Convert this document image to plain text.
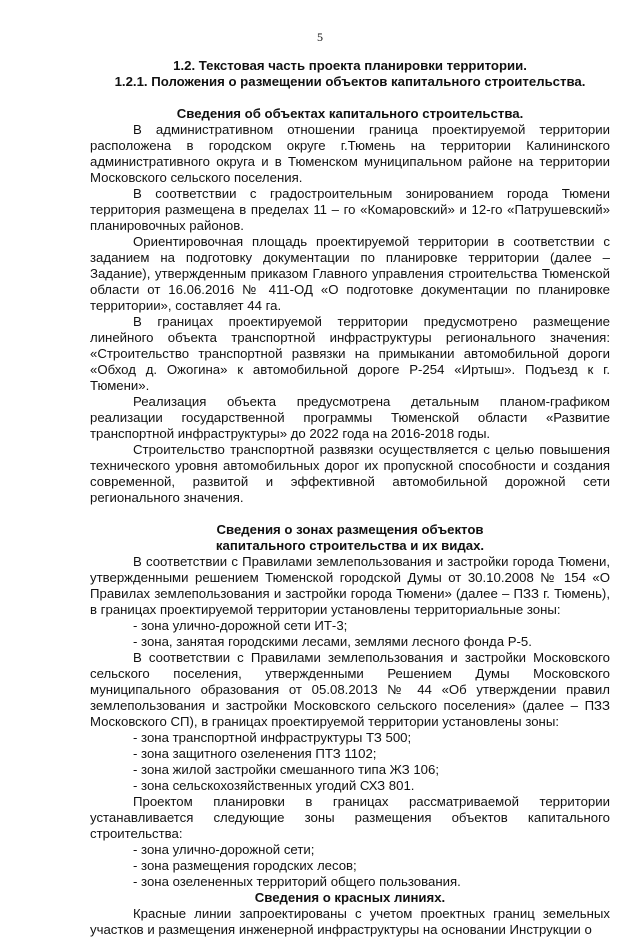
5

1.2. Текстовая часть проекта планировки территории.

1.2.1. Положения о размещении объектов капитального строительства.

Сведения об объектах капитального строительства.

В административном отношении граница проектируемой территории расположена в городском округе г.Тюмень на территории Калининского административного округа и в Тюменском муниципальном районе на территории Московского сельского поселения.

В соответствии с градостроительным зонированием города Тюмени территория размещена в пределах 11 – го «Комаровский» и 12-го «Патрушевский» планировочных районов.

Ориентировочная площадь проектируемой территории в соответствии с заданием на подготовку документации по планировке территории (далее – Задание), утвержденным приказом Главного управления строительства Тюменской области от 16.06.2016 № 411-ОД «О подготовке документации по планировке территории», составляет 44 га.

В границах проектируемой территории предусмотрено размещение линейного объекта транспортной инфраструктуры регионального значения: «Строительство транспортной развязки на примыкании автомобильной дороги «Обход д. Ожогина» к автомобильной дороге Р-254 «Иртыш». Подъезд к г. Тюмени».

Реализация объекта предусмотрена детальным планом-графиком реализации государственной программы Тюменской области «Развитие транспортной инфраструктуры» до 2022 года на 2016-2018 годы.

Строительство транспортной развязки осуществляется с целью повышения технического уровня автомобильных дорог их пропускной способности и создания современной, развитой и эффективной автомобильной дорожной сети регионального значения.

Сведения о зонах размещения объектов

капитального строительства и их видах.

В соответствии с Правилами землепользования и застройки города Тюмени, утвержденными решением Тюменской городской Думы от 30.10.2008 № 154 «О Правилах землепользования и застройки города Тюмени» (далее – ПЗЗ г. Тюмень), в границах проектируемой территории установлены территориальные зоны:

- зона улично-дорожной сети ИТ-3;

- зона, занятая городскими лесами, землями лесного фонда Р-5.

В соответствии с Правилами землепользования и застройки Московского сельского поселения, утвержденными Решением Думы Московского муниципального образования от 05.08.2013 № 44 «Об утверждении правил землепользования и застройки Московского сельского поселения» (далее – ПЗЗ Московского СП), в границах проектируемой территории установлены зоны:

- зона транспортной инфраструктуры ТЗ 500;

- зона защитного озеленения ПТЗ 1102;

- зона жилой застройки смешанного типа ЖЗ 106;

- зона сельскохозяйственных угодий СХЗ 801.

Проектом планировки в границах рассматриваемой территории устанавливается следующие зоны размещения объектов капитального строительства:

- зона улично-дорожной сети;

- зона размещения городских лесов;

- зона озелененных территорий общего пользования.

Сведения о красных линиях.

Красные линии запроектированы с учетом проектных границ земельных участков и размещения инженерной инфраструктуры на основании Инструкции о
